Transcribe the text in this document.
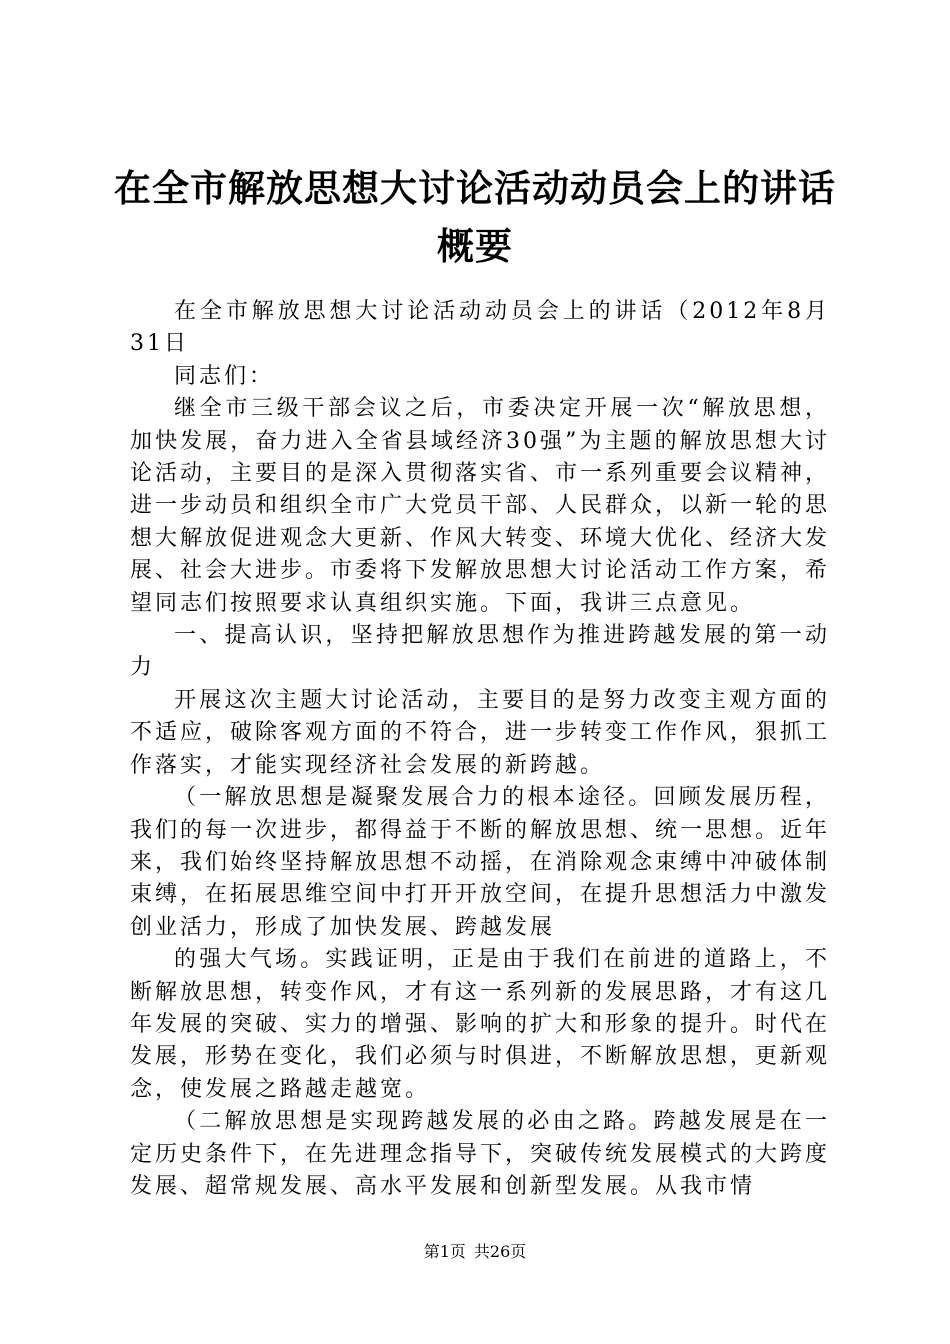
在全市解放思想大讨论活动动员会上的讲话概要

在全市解放思想大讨论活动动员会上的讲话（2012年8月31日

同志们：

继全市三级干部会议之后，市委决定开展一次“解放思想，加快发展，奋力进入全省县域经济30强”为主题的解放思想大讨论活动，主要目的是深入贯彻落实省、市一系列重要会议精神，进一步动员和组织全市广大党员干部、人民群众，以新一轮的思想大解放促进观念大更新、作风大转变、环境大优化、经济大发展、社会大进步。市委将下发解放思想大讨论活动工作方案，希望同志们按照要求认真组织实施。下面，我讲三点意见。

一、提高认识，坚持把解放思想作为推进跨越发展的第一动力

开展这次主题大讨论活动，主要目的是努力改变主观方面的不适应，破除客观方面的不符合，进一步转变工作作风，狠抓工作落实，才能实现经济社会发展的新跨越。

（一解放思想是凝聚发展合力的根本途径。回顾发展历程，我们的每一次进步，都得益于不断的解放思想、统一思想。近年来，我们始终坚持解放思想不动摇，在消除观念束缚中冲破体制束缚，在拓展思维空间中打开开放空间，在提升思想活力中激发创业活力，形成了加快发展、跨越发展

的强大气场。实践证明，正是由于我们在前进的道路上，不断解放思想，转变作风，才有这一系列新的发展思路，才有这几年发展的突破、实力的增强、影响的扩大和形象的提升。时代在发展，形势在变化，我们必须与时俱进，不断解放思想，更新观念，使发展之路越走越宽。

（二解放思想是实现跨越发展的必由之路。跨越发展是在一定历史条件下，在先进理念指导下，突破传统发展模式的大跨度发展、超常规发展、高水平发展和创新型发展。从我市情

第1页 共26页
